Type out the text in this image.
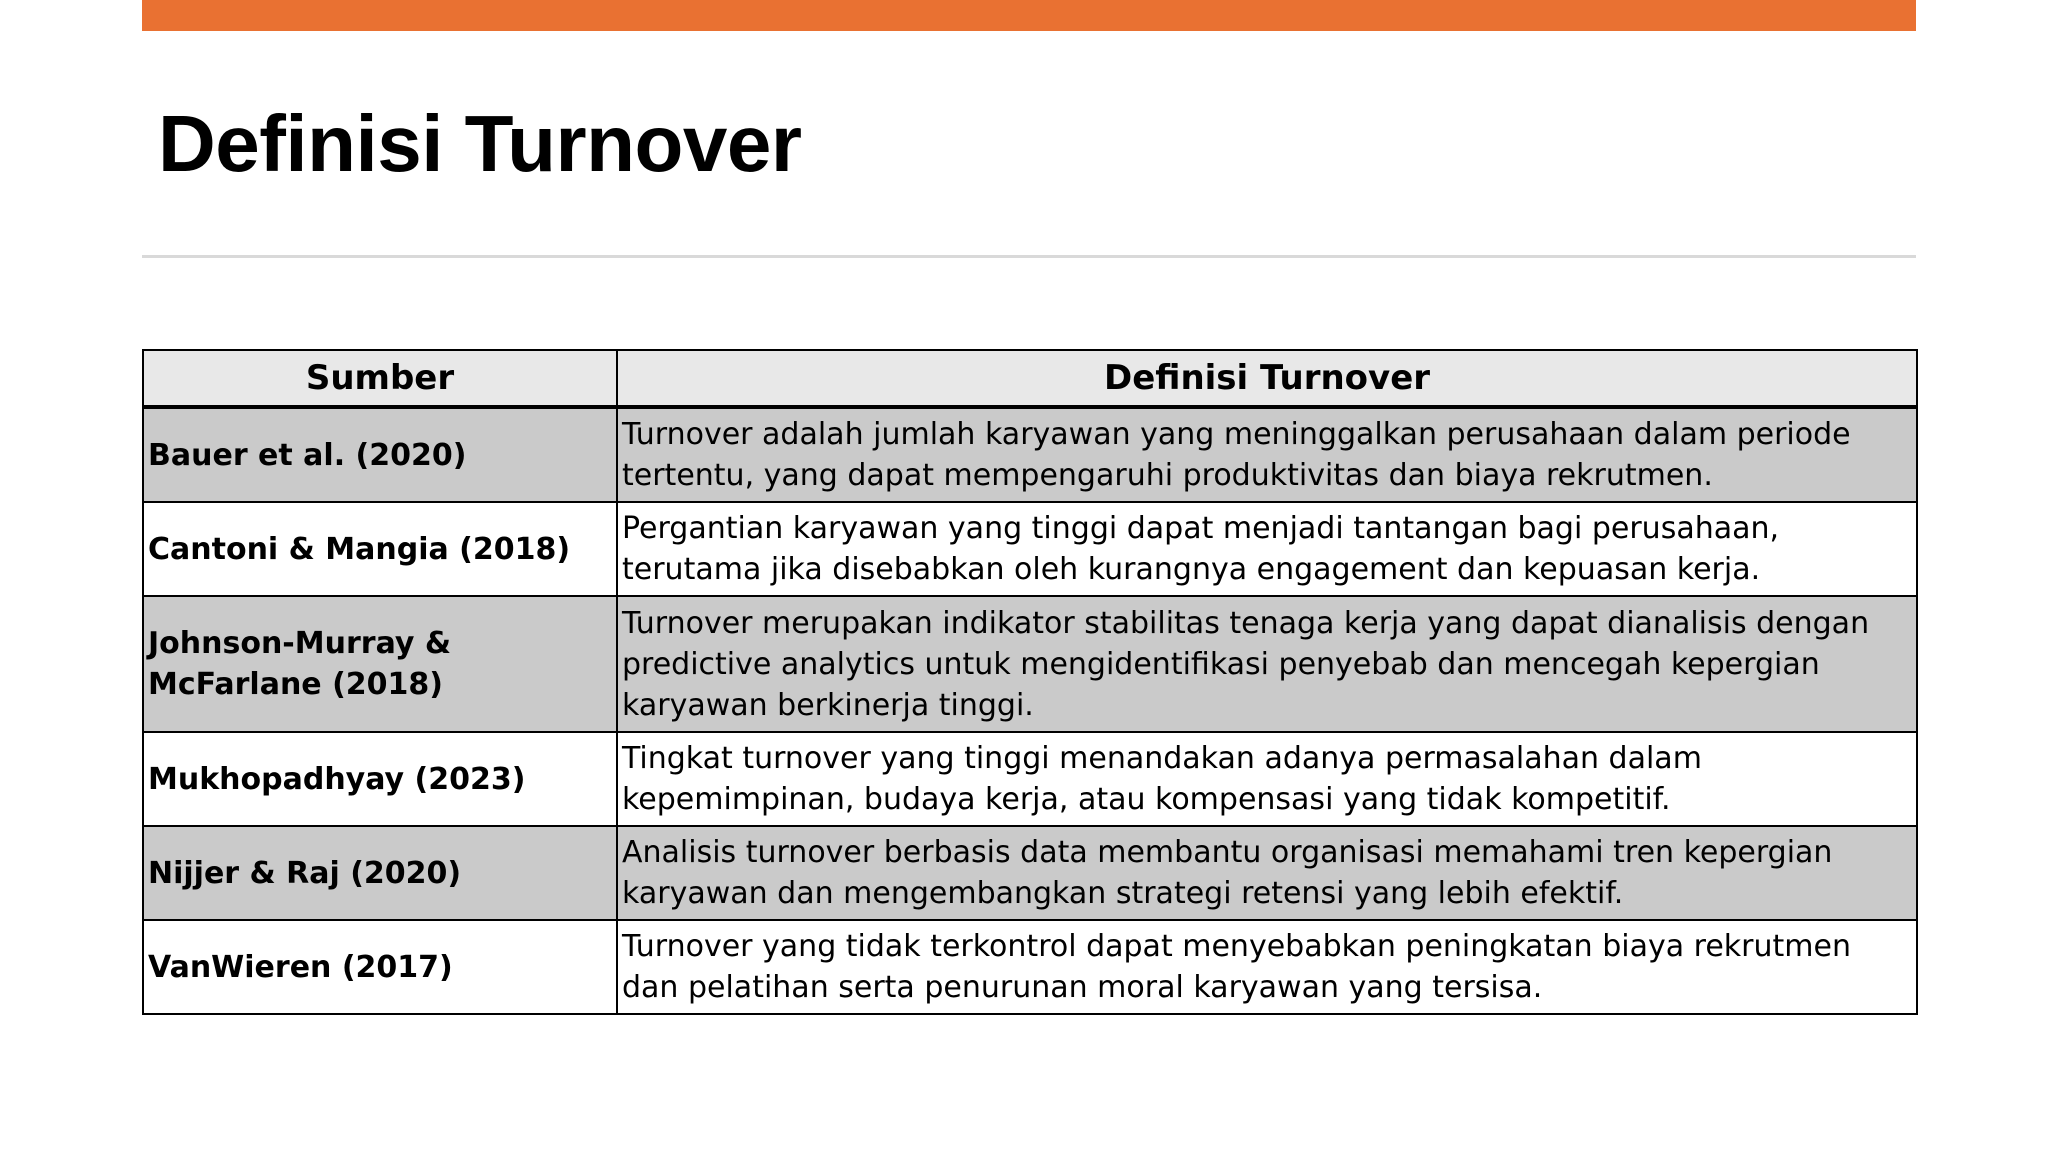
Definisi Turnover
Sumber	Definisi Turnover
Bauer et al. (2020)	Turnover adalah jumlah karyawan yang meninggalkan perusahaan dalam periode tertentu, yang dapat mempengaruhi produktivitas dan biaya rekrutmen.
Cantoni & Mangia (2018)	Pergantian karyawan yang tinggi dapat menjadi tantangan bagi perusahaan, terutama jika disebabkan oleh kurangnya engagement dan kepuasan kerja.
Johnson-Murray & McFarlane (2018)	Turnover merupakan indikator stabilitas tenaga kerja yang dapat dianalisis dengan predictive analytics untuk mengidentifikasi penyebab dan mencegah kepergian karyawan berkinerja tinggi.
Mukhopadhyay (2023)	Tingkat turnover yang tinggi menandakan adanya permasalahan dalam kepemimpinan, budaya kerja, atau kompensasi yang tidak kompetitif.
Nijjer & Raj (2020)	Analisis turnover berbasis data membantu organisasi memahami tren kepergian karyawan dan mengembangkan strategi retensi yang lebih efektif.
VanWieren (2017)	Turnover yang tidak terkontrol dapat menyebabkan peningkatan biaya rekrutmen dan pelatihan serta penurunan moral karyawan yang tersisa.
